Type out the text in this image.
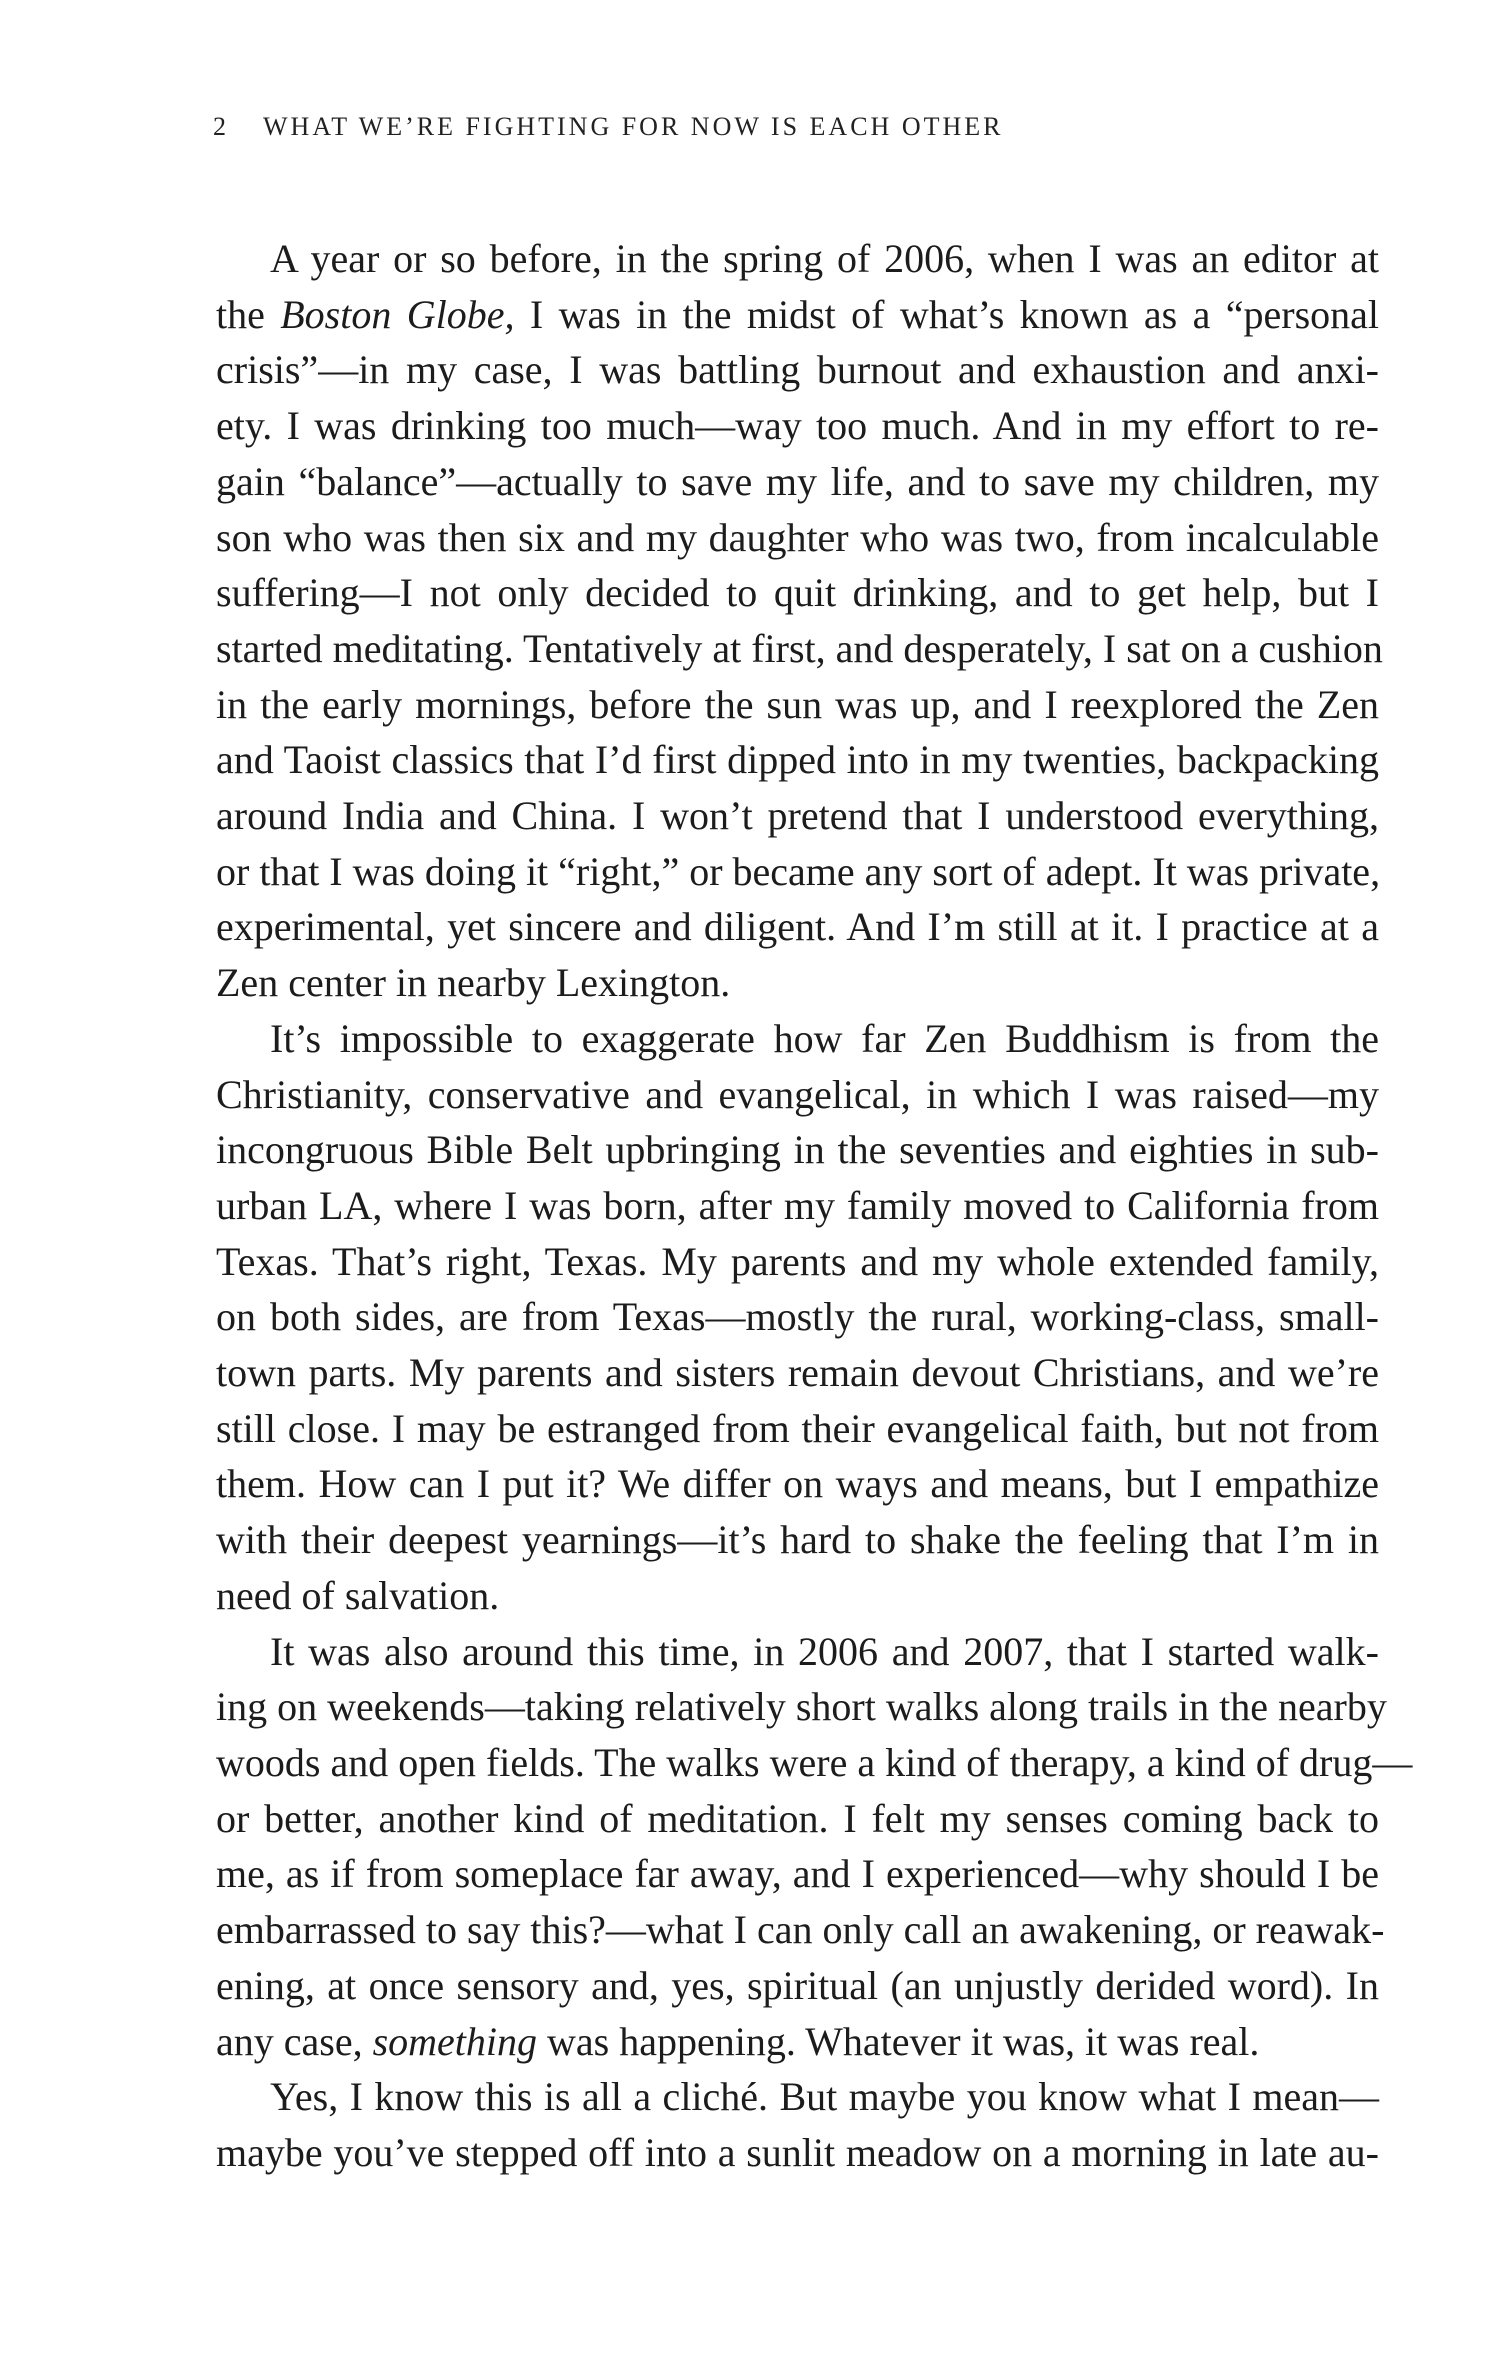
2 WHAT WE’RE FIGHTING FOR NOW IS EACH OTHER
A year or so before, in the spring of 2006, when I was an editor at
the Boston Globe, I was in the midst of what’s known as a “personal
crisis”—in my case, I was battling burnout and exhaustion and anxi-
ety. I was drinking too much—way too much. And in my effort to re-
gain “balance”—actually to save my life, and to save my children, my
son who was then six and my daughter who was two, from incalculable
suffering—I not only decided to quit drinking, and to get help, but I
started meditating. Tentatively at first, and desperately, I sat on a cushion
in the early mornings, before the sun was up, and I reexplored the Zen
and Taoist classics that I’d first dipped into in my twenties, backpacking
around India and China. I won’t pretend that I understood everything,
or that I was doing it “right,” or became any sort of adept. It was private,
experimental, yet sincere and diligent. And I’m still at it. I practice at a
Zen center in nearby Lexington.
It’s impossible to exaggerate how far Zen Buddhism is from the
Christianity, conservative and evangelical, in which I was raised—my
incongruous Bible Belt upbringing in the seventies and eighties in sub-
urban LA, where I was born, after my family moved to California from
Texas. That’s right, Texas. My parents and my whole extended family,
on both sides, are from Texas—mostly the rural, working-class, small-
town parts. My parents and sisters remain devout Christians, and we’re
still close. I may be estranged from their evangelical faith, but not from
them. How can I put it? We differ on ways and means, but I empathize
with their deepest yearnings—it’s hard to shake the feeling that I’m in
need of salvation.
It was also around this time, in 2006 and 2007, that I started walk-
ing on weekends—taking relatively short walks along trails in the nearby
woods and open fields. The walks were a kind of therapy, a kind of drug—
or better, another kind of meditation. I felt my senses coming back to
me, as if from someplace far away, and I experienced—why should I be
embarrassed to say this?—what I can only call an awakening, or reawak-
ening, at once sensory and, yes, spiritual (an unjustly derided word). In
any case, something was happening. Whatever it was, it was real.
Yes, I know this is all a cliché. But maybe you know what I mean—
maybe you’ve stepped off into a sunlit meadow on a morning in late au-
